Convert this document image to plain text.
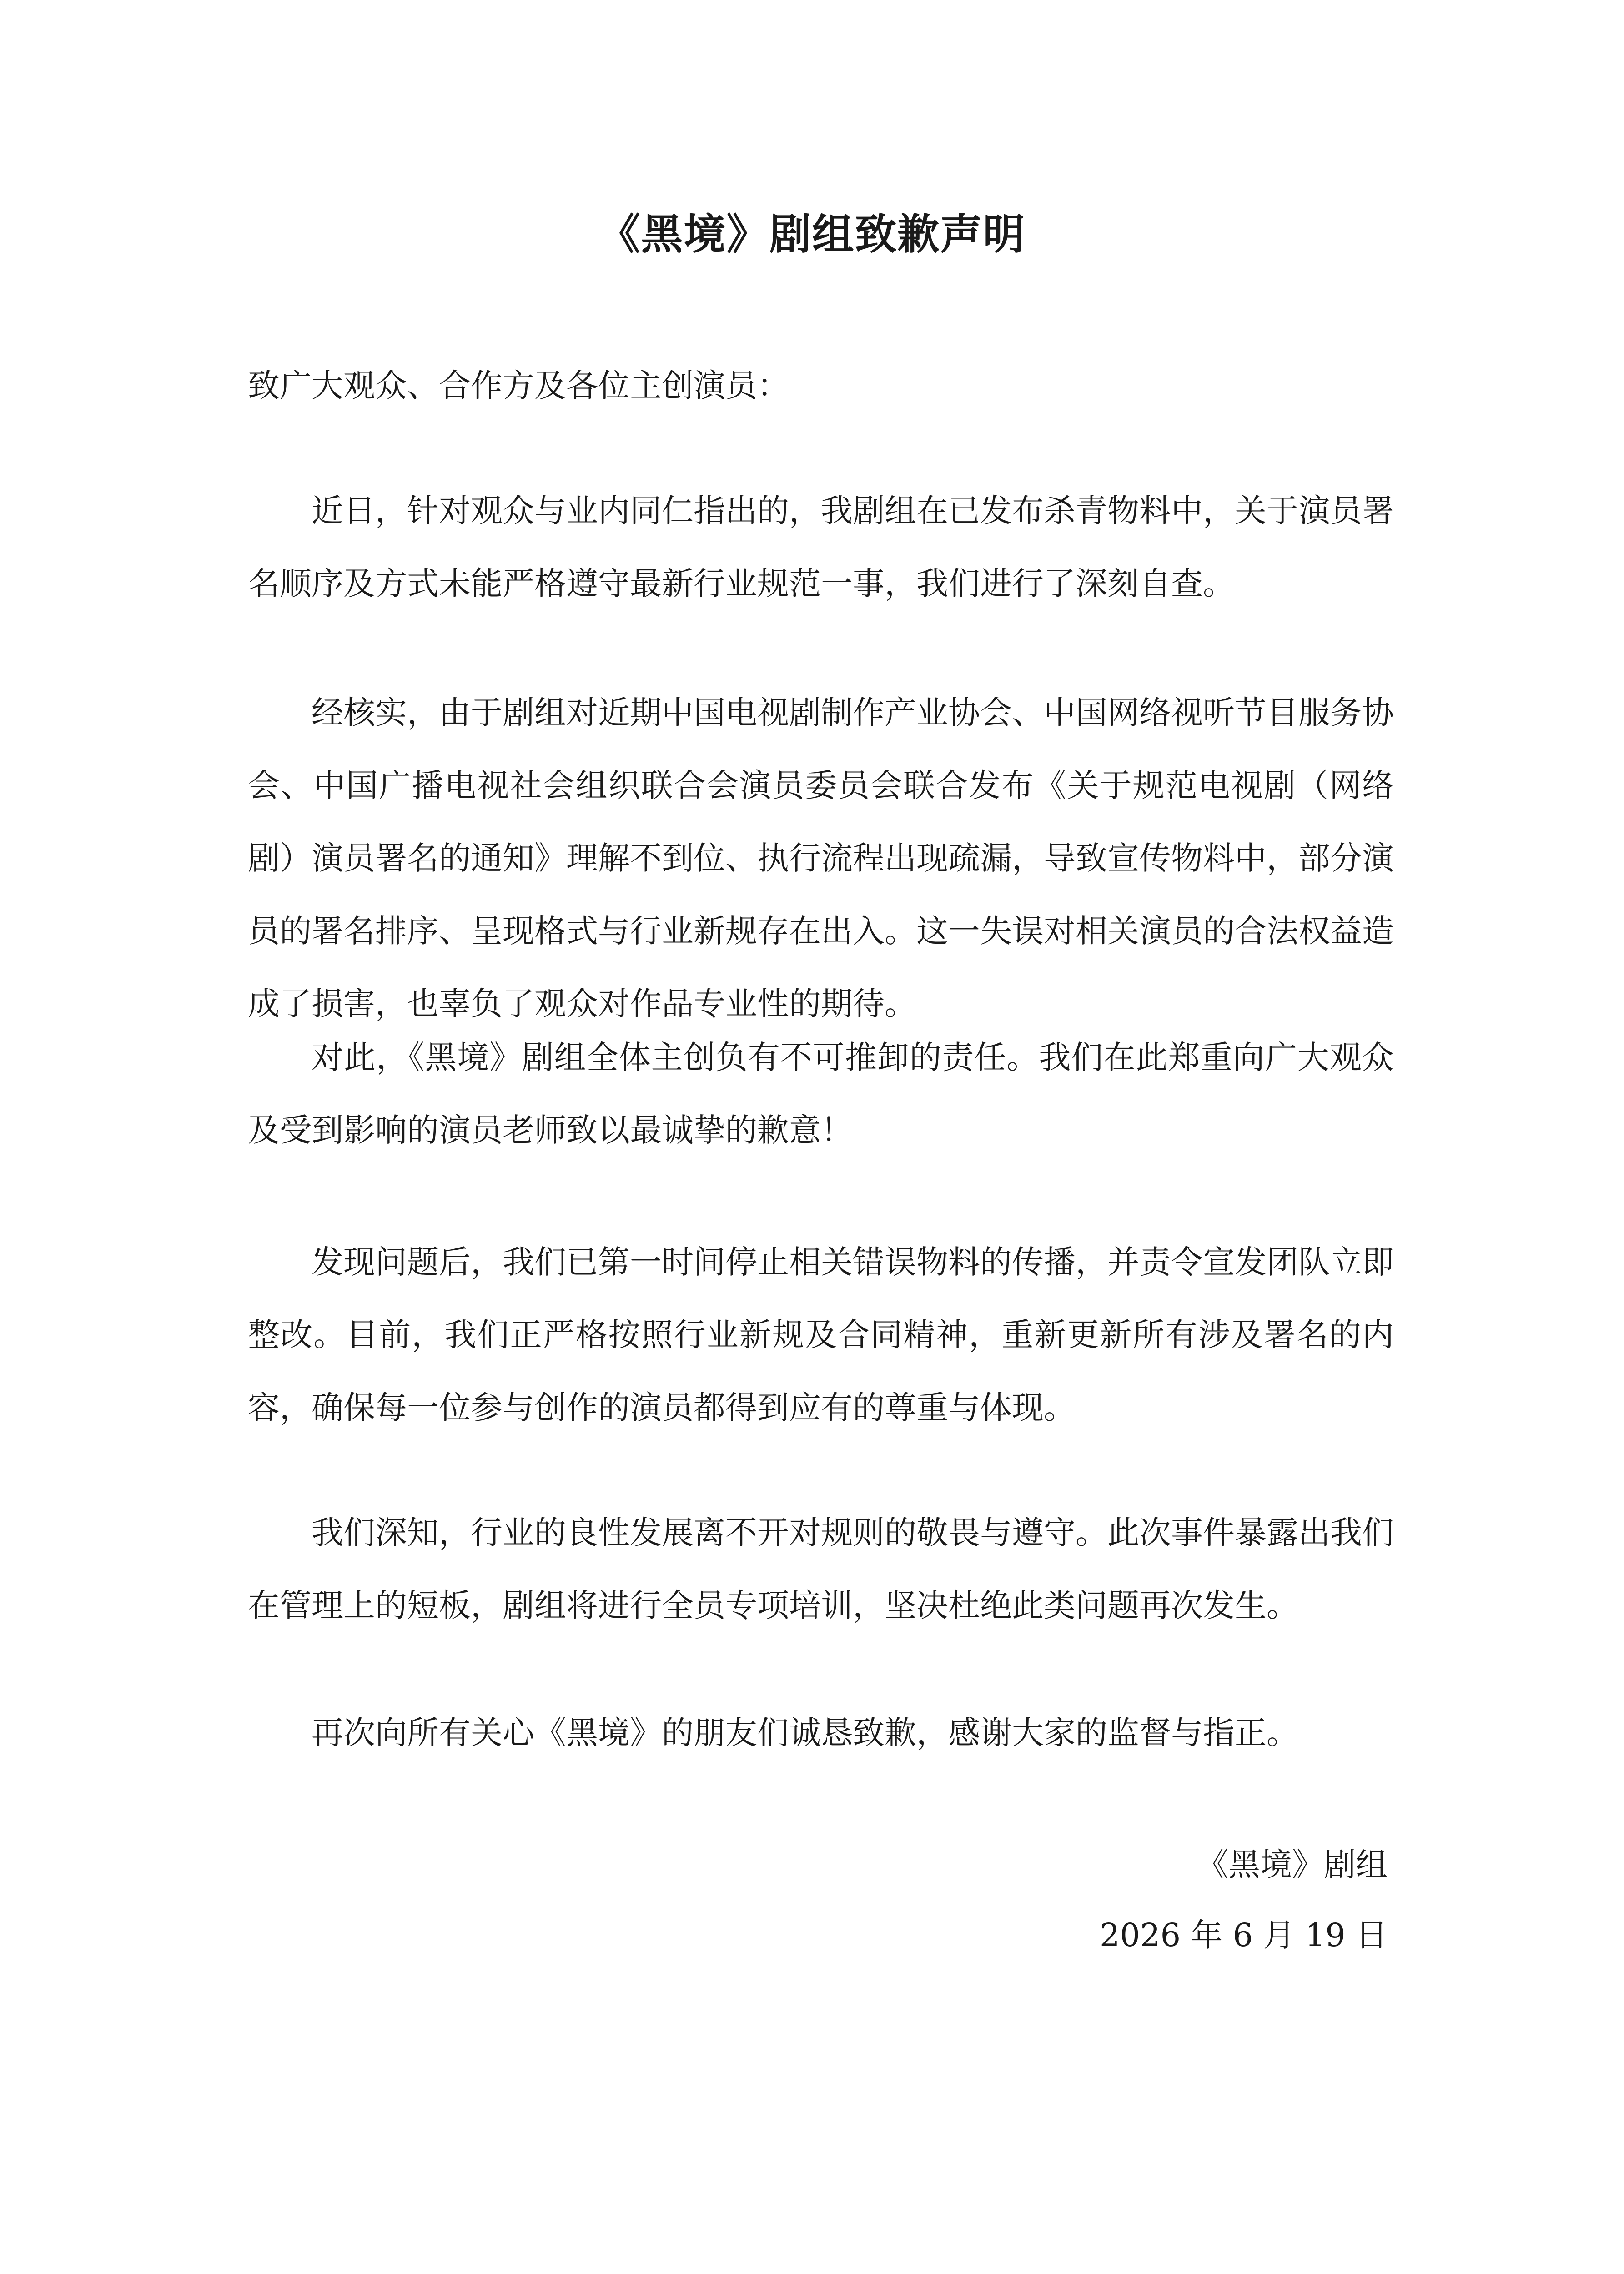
《黑境》剧组致歉声明
致广大观众、合作方及各位主创演员：
近日，针对观众与业内同仁指出的，我剧组在已发布杀青物料中，关于演员署名顺序及方式未能严格遵守最新行业规范一事，我们进行了深刻自查。
经核实，由于剧组对近期中国电视剧制作产业协会、中国网络视听节目服务协会、中国广播电视社会组织联合会演员委员会联合发布《关于规范电视剧（网络剧）演员署名的通知》理解不到位、执行流程出现疏漏，导致宣传物料中，部分演员的署名排序、呈现格式与行业新规存在出入。这一失误对相关演员的合法权益造成了损害，也辜负了观众对作品专业性的期待。
对此，《黑境》剧组全体主创负有不可推卸的责任。我们在此郑重向广大观众及受到影响的演员老师致以最诚挚的歉意！
发现问题后，我们已第一时间停止相关错误物料的传播，并责令宣发团队立即整改。目前，我们正严格按照行业新规及合同精神，重新更新所有涉及署名的内容，确保每一位参与创作的演员都得到应有的尊重与体现。
我们深知，行业的良性发展离不开对规则的敬畏与遵守。此次事件暴露出我们在管理上的短板，剧组将进行全员专项培训，坚决杜绝此类问题再次发生。
再次向所有关心《黑境》的朋友们诚恳致歉，感谢大家的监督与指正。
《黑境》剧组
2026 年 6 月 19 日
